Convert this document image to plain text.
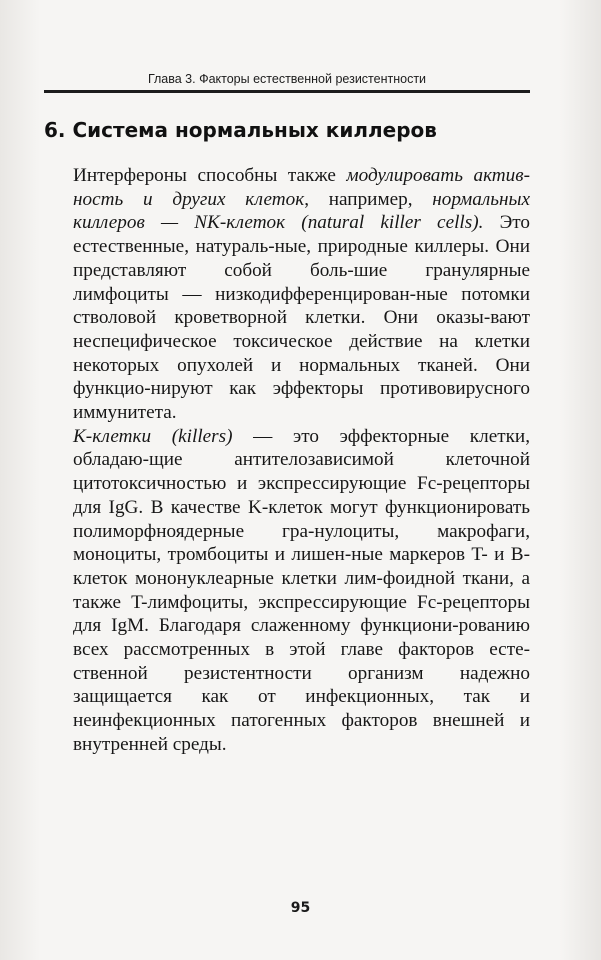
Глава 3. Факторы естественной резистентности
6. Система нормальных киллеров

Интерфероны способны также модулировать актив-ность и других клеток, например, нормальных киллеров — NK-клеток (natural killer cells). Это естественные, натураль-ные, природные киллеры. Они представляют собой боль-шие гранулярные лимфоциты — низкодифференцирован-ные потомки стволовой кроветворной клетки. Они оказы-вают неспецифическое токсическое действие на клетки некоторых опухолей и нормальных тканей. Они функцио-нируют как эффекторы противовирусного иммунитета.

K-клетки (killers) — это эффекторные клетки, обладаю-щие антителозависимой клеточной цитотоксичностью и экспрессирующие Fc-рецепторы для IgG. В качестве K-клеток могут функционировать полиморфноядерные гра-нулоциты, макрофаги, моноциты, тромбоциты и лишен-ные маркеров T- и B-клеток мононуклеарные клетки лим-фоидной ткани, а также T-лимфоциты, экспрессирующие Fc-рецепторы для IgM. Благодаря слаженному функциони-рованию всех рассмотренных в этой главе факторов есте-ственной резистентности организм надежно защищается как от инфекционных, так и неинфекционных патогенных факторов внешней и внутренней среды.

95
